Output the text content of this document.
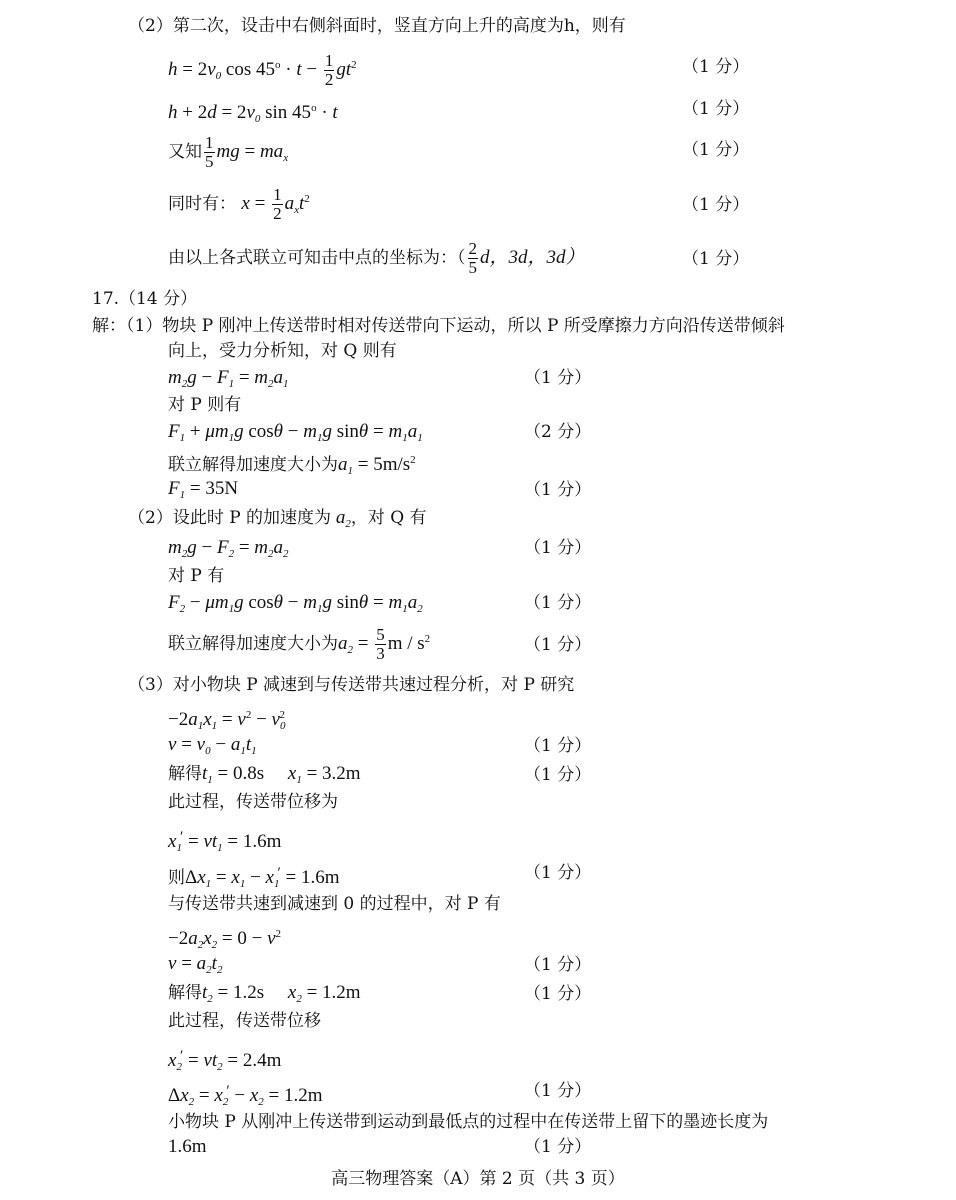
（2）第二次，设击中右侧斜面时，竖直方向上升的高度为h，则有
$h = 2v_0$ $\cos 45^o \cdot t - \frac{1}{2} gt^2$	（1 分）
$h + 2d = 2v_0$ $\sin 45^o \cdot t$	（1 分）
又知 $\frac{1}{5}$ mg = $ma_x$	（1 分）
同时有： $x = \frac{1}{2} a_xt^2$	（1 分）
由以上各式联立可知击中点的坐标为：（ $\frac{2}{5}$ d，3d，3d）	（1 分）
17.（14 分）
解：（1）物块 P 刚冲上传送带时相对传送带向下运动，所以 P 所受摩擦力方向沿传送带倾斜
向上，受力分析知，对 Q 则有
$m_2g - F_1 = m_2a_1$	（1 分）
对 P 则有
$F_1 + \mu m_1g$ $\cos\theta - m_1g$ $\sin\theta = m_1a_1$	（2 分）
联立解得加速度大小为$a_1 = 5m/s^2$
$F_1 = 35N$	（1 分）
（2）设此时 P 的加速度为 $a_2$，对 Q 有
$m_2g - F_2 = m_2a_2$	（1 分）
对 P 有
$F_2 - \mu m_1g$ $\cos\theta - m_1g$ $\sin\theta = m_1a_2$	（1 分）
联立解得加速度大小为$a_2 = \frac{5}{3}$ m / $s^2$	（1 分）
（3）对小物块 P 减速到与传送带共速过程分析，对 P 研究
$-2a_1x_1 = v^2 - v_0^2$
$v = v_0 - a_1t_1$	（1 分）
解得$t_1 = 0.8s$     $x_1 = 3.2m$	（1 分）
此过程，传送带位移为
$x_1' = vt_1 = 1.6m$
则$\Delta x_1 = x_1 - x_1' = 1.6m$	（1 分）
与传送带共速到减速到 0 的过程中，对 P 有
$-2a_2x_2 = 0 - v^2$
$v = a_2t_2$	（1 分）
解得$t_2 = 1.2s$     $x_2 = 1.2m$	（1 分）
此过程，传送带位移
$x_2' = vt_2 = 2.4m$
$\Delta x_2 = x_2' - x_2 = 1.2m$	（1 分）
小物块 P 从刚冲上传送带到运动到最低点的过程中在传送带上留下的墨迹长度为
1.6m	（1 分）
高三物理答案（A）第 2 页（共 3 页）
